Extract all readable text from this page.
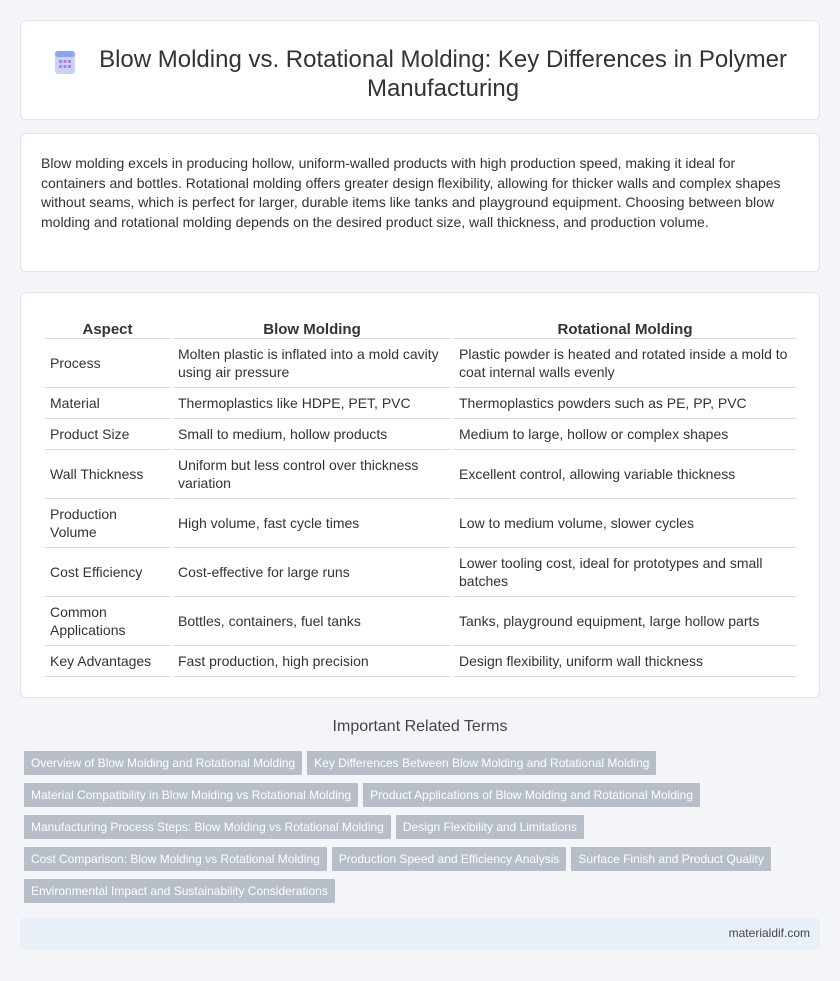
Blow Molding vs. Rotational Molding: Key Differences in Polymer Manufacturing

Blow molding excels in producing hollow, uniform-walled products with high production speed, making it ideal for containers and bottles. Rotational molding offers greater design flexibility, allowing for thicker walls and complex shapes without seams, which is perfect for larger, durable items like tanks and playground equipment. Choosing between blow molding and rotational molding depends on the desired product size, wall thickness, and production volume.

Aspect	Blow Molding	Rotational Molding
Process	Molten plastic is inflated into a mold cavity using air pressure	Plastic powder is heated and rotated inside a mold to coat internal walls evenly
Material	Thermoplastics like HDPE, PET, PVC	Thermoplastics powders such as PE, PP, PVC
Product Size	Small to medium, hollow products	Medium to large, hollow or complex shapes
Wall Thickness	Uniform but less control over thickness variation	Excellent control, allowing variable thickness
Production Volume	High volume, fast cycle times	Low to medium volume, slower cycles
Cost Efficiency	Cost-effective for large runs	Lower tooling cost, ideal for prototypes and small batches
Common Applications	Bottles, containers, fuel tanks	Tanks, playground equipment, large hollow parts
Key Advantages	Fast production, high precision	Design flexibility, uniform wall thickness
Important Related Terms
Overview of Blow Molding and Rotational Molding Key Differences Between Blow Molding and Rotational Molding
Material Compatibility in Blow Molding vs Rotational Molding Product Applications of Blow Molding and Rotational Molding
Manufacturing Process Steps: Blow Molding vs Rotational Molding Design Flexibility and Limitations
Cost Comparison: Blow Molding vs Rotational Molding Production Speed and Efficiency Analysis Surface Finish and Product Quality
Environmental Impact and Sustainability Considerations
materialdif.com
